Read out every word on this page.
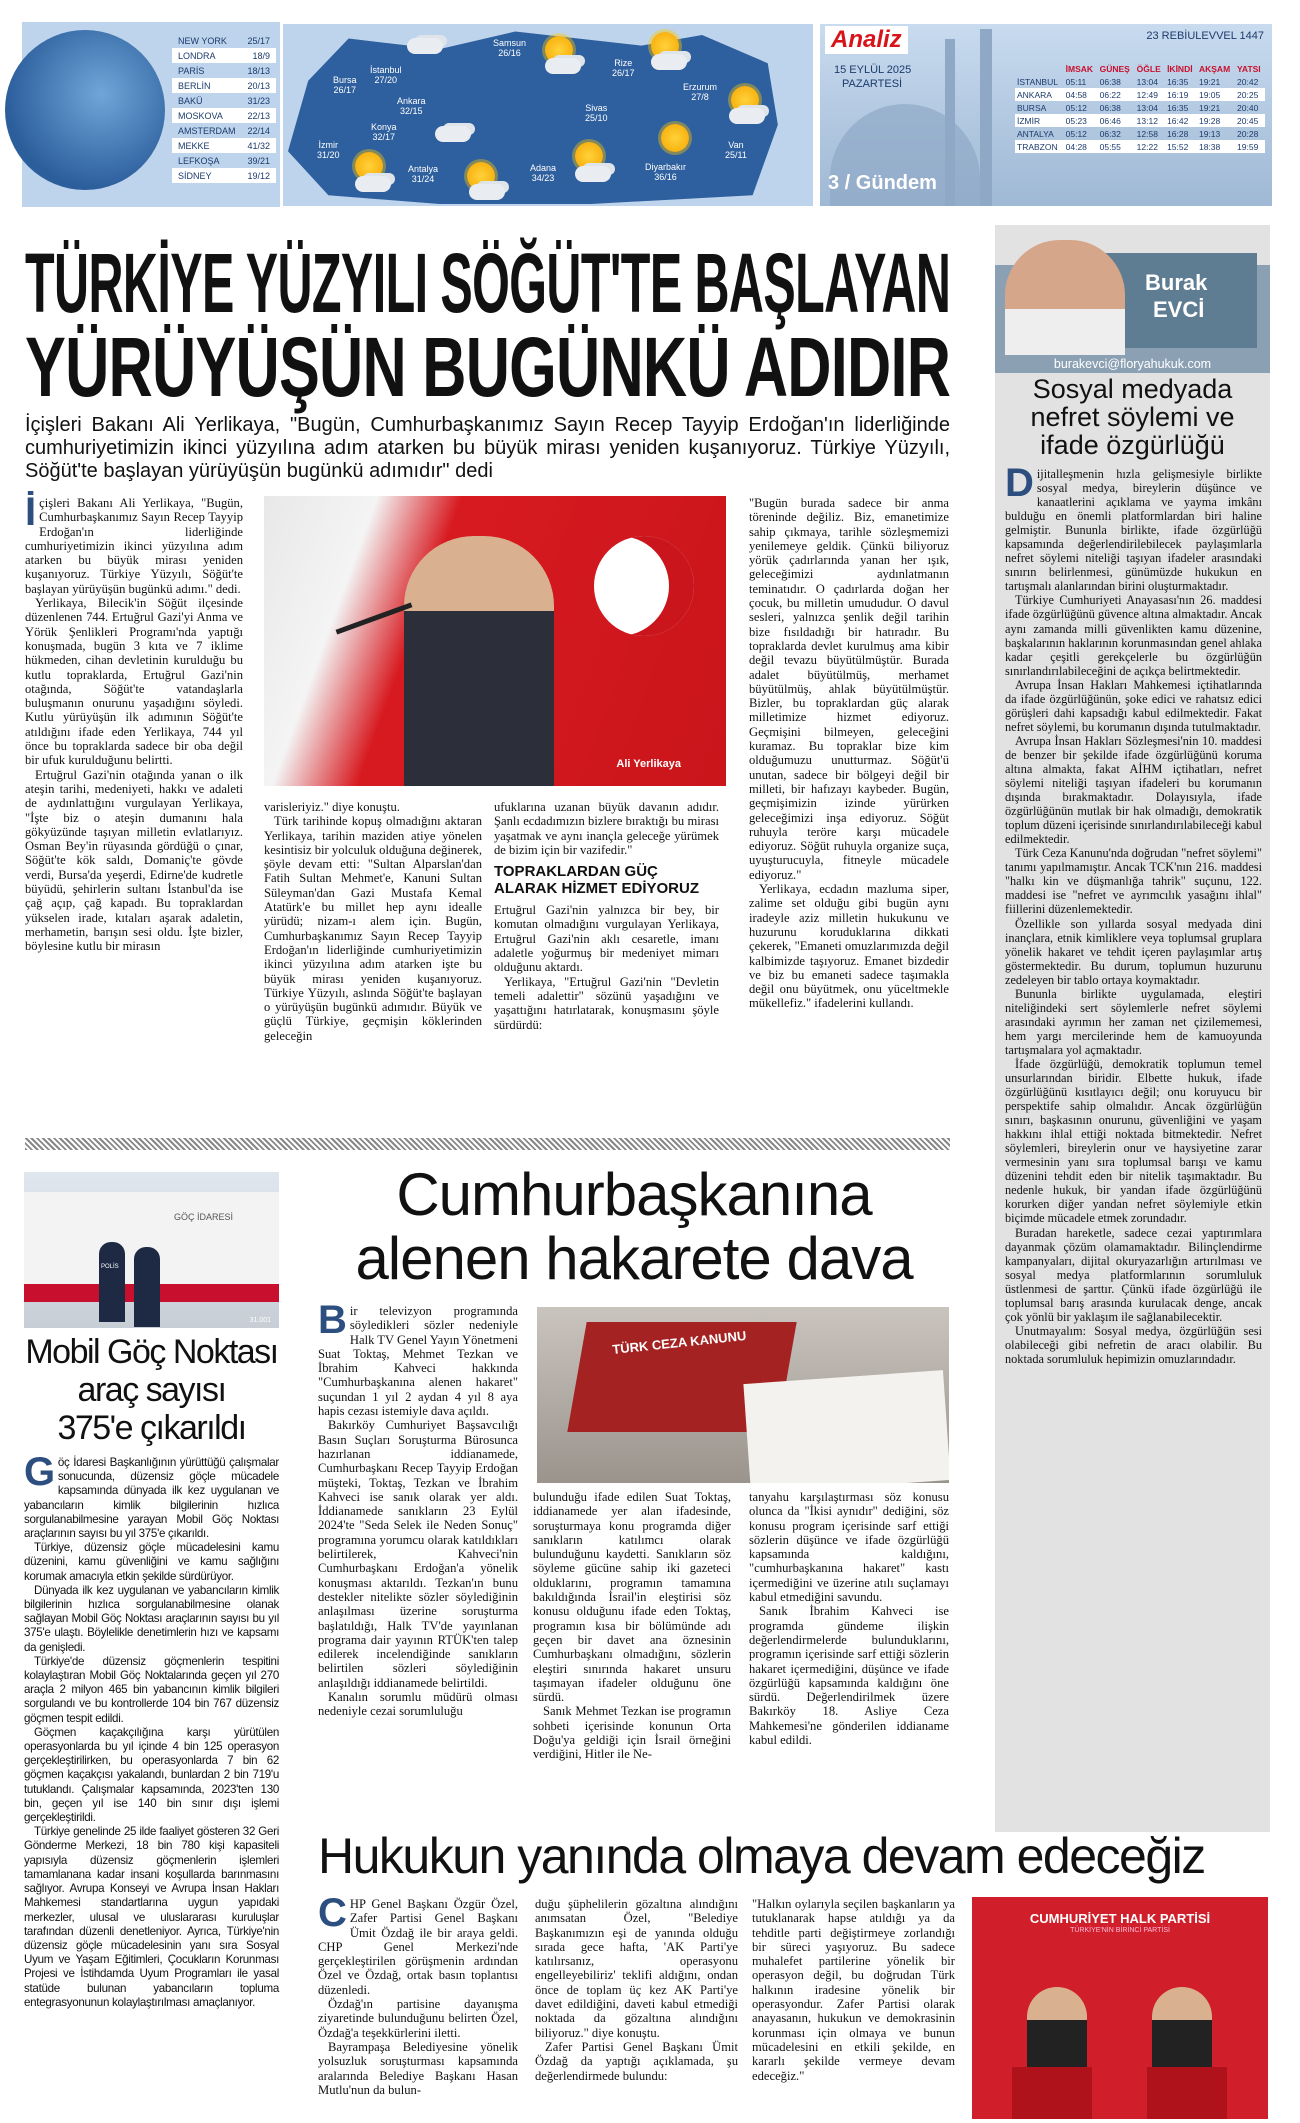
NEW YORK 25/17
LONDRA	18/9
PARİS	18/13
BERLİN	20/13
BAKÜ	31/23
MOSKOVA	22/13
AMSTERDAM 22/14
MEKKE	41/32
LEFKOŞA	39/21
SİDNEY	19/12
Bursa
26/17
İstanbul
27/20
Samsun
26/16
Rize
26/17
Erzurum
27/8
Ankara
32/15
Konya
32/17
Sivas
25/10
İzmir
31/20
Antalya
31/24
Adana
34/23
Diyarbakır
36/16
Van
25/11
Analiz
15 EYLÜL 2025
PAZARTESİ
3 / Gündem
23 REBİULEVVEL 1447
	İMSAK	GÜNEŞ	ÖĞLE	İKİNDİ	AKŞAM	YATSI
İSTANBUL	05:11	06:38	13:04	16:35	19:21	20:42
ANKARA	04:58	06:22	12:49	16:19	19:05	20:25
BURSA	05:12	06:38	13:04	16:35	19:21	20:40
İZMİR	05:23	06:46	13:12	16:42	19:28	20:45
ANTALYA	05:12	06:32	12:58	16:28	19:13	20:28
TRABZON	04:28	05:55	12:22	15:52	18:38	19:59
TÜRKİYE YÜZYILI SÖĞÜT'TE BAŞLAYAN
YÜRÜYÜŞÜN BUGÜNKÜ ADIDIR
İçişleri Bakanı Ali Yerlikaya, "Bugün, Cumhurbaşkanımız Sayın Recep Tayyip Erdoğan'ın liderliğinde cumhuriyetimizin ikinci yüzyılına adım atarken bu büyük mirası yeniden kuşanıyoruz. Türkiye Yüzyılı, Söğüt'te başlayan yürüyüşün bugünkü adımıdır" dedi

İçişleri Bakanı Ali Yerlikaya, "Bugün, Cumhurbaşkanımız Sayın Recep Tayyip Erdoğan'ın liderliğinde cumhuriyetimizin ikinci yüzyılına adım atarken bu büyük mirası yeniden kuşanıyoruz. Türkiye Yüzyılı, Söğüt'te başlayan yürüyüşün bugünkü adımı." dedi.

Yerlikaya, Bilecik'in Söğüt ilçesinde düzenlenen 744. Ertuğrul Gazi'yi Anma ve Yörük Şenlikleri Programı'nda yaptığı konuşmada, bugün 3 kıta ve 7 iklime hükmeden, cihan devletinin kurulduğu bu kutlu topraklarda, Ertuğrul Gazi'nin otağında, Söğüt'te vatandaşlarla buluşmanın onurunu yaşadığını söyledi. Kutlu yürüyüşün ilk adımının Söğüt'te atıldığını ifade eden Yerlikaya, 744 yıl önce bu topraklarda sadece bir oba değil bir ufuk kurulduğunu belirtti.

Ertuğrul Gazi'nin otağında yanan o ilk ateşin tarihi, medeniyeti, hakkı ve adaleti de aydınlattığını vurgulayan Yerlikaya, "İşte biz o ateşin dumanını hala gökyüzünde taşıyan milletin evlatlarıyız. Osman Bey'in rüyasında gördüğü o çınar, Söğüt'te kök saldı, Domaniç'te gövde verdi, Bursa'da yeşerdi, Edirne'de kudretle büyüdü, şehirlerin sultanı İstanbul'da ise çağ açıp, çağ kapadı. Bu topraklardan yükselen irade, kıtaları aşarak adaletin, merhametin, barışın sesi oldu. İşte bizler, böylesine kutlu bir mirasın

Ali Yerlikaya

varisleriyiz." diye konuştu.

Türk tarihinde kopuş olmadığını aktaran Yerlikaya, tarihin maziden atiye yönelen kesintisiz bir yolculuk olduğuna değinerek, şöyle devam etti: "Sultan Alparslan'dan Fatih Sultan Mehmet'e, Kanuni Sultan Süleyman'dan Gazi Mustafa Kemal Atatürk'e bu millet hep aynı idealle yürüdü; nizam-ı alem için. Bugün, Cumhurbaşkanımız Sayın Recep Tayyip Erdoğan'ın liderliğinde cumhuriyetimizin ikinci yüzyılına adım atarken işte bu büyük mirası yeniden kuşanıyoruz. Türkiye Yüzyılı, aslında Söğüt'te başlayan o yürüyüşün bugünkü adımıdır. Büyük ve güçlü Türkiye, geçmişin köklerinden geleceğin

ufuklarına uzanan büyük davanın adıdır. Şanlı ecdadımızın bizlere bıraktığı bu mirası yaşatmak ve aynı inançla geleceğe yürümek de bizim için bir vazifedir."

TOPRAKLARDAN GÜÇ ALARAK HİZMET EDİYORUZ

Ertuğrul Gazi'nin yalnızca bir bey, bir komutan olmadığını vurgulayan Yerlikaya, Ertuğrul Gazi'nin aklı cesaretle, imanı adaletle yoğurmuş bir medeniyet mimarı olduğunu aktardı.

Yerlikaya, "Ertuğrul Gazi'nin "Devletin temeli adalettir" sözünü yaşadığını ve yaşattığını hatırlatarak, konuşmasını şöyle sürdürdü:

"Bugün burada sadece bir anma töreninde değiliz. Biz, emanetimize sahip çıkmaya, tarihle sözleşmemizi yenilemeye geldik. Çünkü biliyoruz yörük çadırlarında yanan her ışık, geleceğimizi aydınlatmanın teminatıdır. O çadırlarda doğan her çocuk, bu milletin umududur. O davul sesleri, yalnızca şenlik değil tarihin bize fısıldadığı bir hatıradır. Bu topraklarda devlet kurulmuş ama kibir değil tevazu büyütülmüştür. Burada adalet büyütülmüş, merhamet büyütülmüş, ahlak büyütülmüştür. Bizler, bu topraklardan güç alarak milletimize hizmet ediyoruz. Geçmişini bilmeyen, geleceğini kuramaz. Bu topraklar bize kim olduğumuzu unutturmaz. Söğüt'ü unutan, sadece bir bölgeyi değil bir milleti, bir hafızayı kaybeder. Bugün, geçmişimizin izinde yürürken geleceğimizi inşa ediyoruz. Söğüt ruhuyla teröre karşı mücadele ediyoruz. Söğüt ruhuyla organize suça, uyuşturucuyla, fitneyle mücadele ediyoruz."

Yerlikaya, ecdadın mazluma siper, zalime set olduğu gibi bugün aynı iradeyle aziz milletin hukukunu ve huzurunu koruduklarına dikkati çekerek, "Emaneti omuzlarımızda değil kalbimizde taşıyoruz. Emanet bizdedir ve biz bu emaneti sadece taşımakla değil onu büyütmek, onu yüceltmekle mükellefiz." ifadelerini kullandı.

Burak
EVCİ
burakevci@floryahukuk.com
Sosyal medyada nefret söylemi ve ifade özgürlüğü

Dijitalleşmenin hızla gelişmesiyle birlikte sosyal medya, bireylerin düşünce ve kanaatlerini açıklama ve yayma imkânı bulduğu en önemli platformlardan biri haline gelmiştir. Bununla birlikte, ifade özgürlüğü kapsamında değerlendirilebilecek paylaşımlarla nefret söylemi niteliği taşıyan ifadeler arasındaki sınırın belirlenmesi, günümüzde hukukun en tartışmalı alanlarından birini oluşturmaktadır.

Türkiye Cumhuriyeti Anayasası'nın 26. maddesi ifade özgürlüğünü güvence altına almaktadır. Ancak aynı zamanda milli güvenlikten kamu düzenine, başkalarının haklarının korunmasından genel ahlaka kadar çeşitli gerekçelerle bu özgürlüğün sınırlandırılabileceğini de açıkça belirtmektedir.

Avrupa İnsan Hakları Mahkemesi içtihatlarında da ifade özgürlüğünün, şoke edici ve rahatsız edici görüşleri dahi kapsadığı kabul edilmektedir. Fakat nefret söylemi, bu korumanın dışında tutulmaktadır.

Avrupa İnsan Hakları Sözleşmesi'nin 10. maddesi de benzer bir şekilde ifade özgürlüğünü koruma altına almakta, fakat AİHM içtihatları, nefret söylemi niteliği taşıyan ifadeleri bu korumanın dışında bırakmaktadır. Dolayısıyla, ifade özgürlüğünün mutlak bir hak olmadığı, demokratik toplum düzeni içerisinde sınırlandırılabileceği kabul edilmektedir.

Türk Ceza Kanunu'nda doğrudan "nefret söylemi" tanımı yapılmamıştır. Ancak TCK'nın 216. maddesi "halkı kin ve düşmanlığa tahrik" suçunu, 122. maddesi ise "nefret ve ayrımcılık yasağını ihlal" fiillerini düzenlemektedir.

Özellikle son yıllarda sosyal medyada dini inançlara, etnik kimliklere veya toplumsal gruplara yönelik hakaret ve tehdit içeren paylaşımlar artış göstermektedir. Bu durum, toplumun huzurunu zedeleyen bir tablo ortaya koymaktadır.

Bununla birlikte uygulamada, eleştiri niteliğindeki sert söylemlerle nefret söylemi arasındaki ayrımın her zaman net çizilememesi, hem yargı mercilerinde hem de kamuoyunda tartışmalara yol açmaktadır.

İfade özgürlüğü, demokratik toplumun temel unsurlarından biridir. Elbette hukuk, ifade özgürlüğünü kısıtlayıcı değil; onu koruyucu bir perspektife sahip olmalıdır. Ancak özgürlüğün sınırı, başkasının onurunu, güvenliğini ve yaşam hakkını ihlal ettiği noktada bitmektedir. Nefret söylemleri, bireylerin onur ve haysiyetine zarar vermesinin yanı sıra toplumsal barışı ve kamu düzenini tehdit eden bir nitelik taşımaktadır. Bu nedenle hukuk, bir yandan ifade özgürlüğünü korurken diğer yandan nefret söylemiyle etkin biçimde mücadele etmek zorundadır.

Buradan hareketle, sadece cezai yaptırımlara dayanmak çözüm olamamaktadır. Bilinçlendirme kampanyaları, dijital okuryazarlığın artırılması ve sosyal medya platformlarının sorumluluk üstlenmesi de şarttır. Çünkü ifade özgürlüğü ile toplumsal barış arasında kurulacak denge, ancak çok yönlü bir yaklaşım ile sağlanabilecektir.

Unutmayalım: Sosyal medya, özgürlüğün sesi olabileceği gibi nefretin de aracı olabilir. Bu noktada sorumluluk hepimizin omuzlarındadır.

GÖÇ İDARESİ
POLİS
31.001
Mobil Göç Noktası
araç sayısı
375'e çıkarıldı

Göç İdaresi Başkanlığının yürüttüğü çalışmalar sonucunda, düzensiz göçle mücadele kapsamında dünyada ilk kez uygulanan ve yabancıların kimlik bilgilerinin hızlıca sorgulanabilmesine yarayan Mobil Göç Noktası araçlarının sayısı bu yıl 375'e çıkarıldı.

Türkiye, düzensiz göçle mücadelesini kamu düzenini, kamu güvenliğini ve kamu sağlığını korumak amacıyla etkin şekilde sürdürüyor.

Dünyada ilk kez uygulanan ve yabancıların kimlik bilgilerinin hızlıca sorgulanabilmesine olanak sağlayan Mobil Göç Noktası araçlarının sayısı bu yıl 375'e ulaştı. Böylelikle denetimlerin hızı ve kapsamı da genişledi.

Türkiye'de düzensiz göçmenlerin tespitini kolaylaştıran Mobil Göç Noktalarında geçen yıl 270 araçla 2 milyon 465 bin yabancının kimlik bilgileri sorgulandı ve bu kontrollerde 104 bin 767 düzensiz göçmen tespit edildi.

Göçmen kaçakçılığına karşı yürütülen operasyonlarda bu yıl içinde 4 bin 125 operasyon gerçekleştirilirken, bu operasyonlarda 7 bin 62 göçmen kaçakçısı yakalandı, bunlardan 2 bin 719'u tutuklandı. Çalışmalar kapsamında, 2023'ten 130 bin, geçen yıl ise 140 bin sınır dışı işlemi gerçekleştirildi.

Türkiye genelinde 25 ilde faaliyet gösteren 32 Geri Gönderme Merkezi, 18 bin 780 kişi kapasiteli yapısıyla düzensiz göçmenlerin işlemleri tamamlanana kadar insani koşullarda barınmasını sağlıyor. Avrupa Konseyi ve Avrupa İnsan Hakları Mahkemesi standartlarına uygun yapıdaki merkezler, ulusal ve uluslararası kuruluşlar tarafından düzenli denetleniyor. Ayrıca, Türkiye'nin düzensiz göçle mücadelesinin yanı sıra Sosyal Uyum ve Yaşam Eğitimleri, Çocukların Korunması Projesi ve İstihdamda Uyum Programları ile yasal statüde bulunan yabancıların topluma entegrasyonunun kolaylaştırılması amaçlanıyor.

Cumhurbaşkanına
alenen hakarete dava

Bir televizyon programında söyledikleri sözler nedeniyle Halk TV Genel Yayın Yönetmeni Suat Toktaş, Mehmet Tezkan ve İbrahim Kahveci hakkında "Cumhurbaşkanına alenen hakaret" suçundan 1 yıl 2 aydan 4 yıl 8 aya hapis cezası istemiyle dava açıldı.

Bakırköy Cumhuriyet Başsavcılığı Basın Suçları Soruşturma Bürosunca hazırlanan iddianamede, Cumhurbaşkanı Recep Tayyip Erdoğan müşteki, Toktaş, Tezkan ve İbrahim Kahveci ise sanık olarak yer aldı. İddianamede sanıkların 23 Eylül 2024'te "Seda Selek ile Neden Sonuç" programına yorumcu olarak katıldıkları belirtilerek, Kahveci'nin Cumhurbaşkanı Erdoğan'a yönelik konuşması aktarıldı. Tezkan'ın bunu destekler nitelikte sözler söylediğinin anlaşılması üzerine soruşturma başlatıldığı, Halk TV'de yayınlanan programa dair yayının RTÜK'ten talep edilerek incelendiğinde sanıkların belirtilen sözleri söylediğinin anlaşıldığı iddianamede belirtildi.

Kanalın sorumlu müdürü olması nedeniyle cezai sorumluluğu

TÜRK CEZA KANUNU

bulunduğu ifade edilen Suat Toktaş, iddianamede yer alan ifadesinde, soruşturmaya konu programda diğer sanıkların katılımcı olarak bulunduğunu kaydetti. Sanıkların söz söyleme gücüne sahip iki gazeteci olduklarını, programın tamamına bakıldığında İsrail'in eleştirisi söz konusu olduğunu ifade eden Toktaş, programın kısa bir bölümünde adı geçen bir davet ana öznesinin Cumhurbaşkanı olmadığını, sözlerin eleştiri sınırında hakaret unsuru taşımayan ifadeler olduğunu öne sürdü.

Sanık Mehmet Tezkan ise programın sohbeti içerisinde konunun Orta Doğu'ya geldiği için İsrail örneğini verdiğini, Hitler ile Ne-

tanyahu karşılaştırması söz konusu olunca da "İkisi aynıdır" dediğini, söz konusu program içerisinde sarf ettiği sözlerin düşünce ve ifade özgürlüğü kapsamında kaldığını, "cumhurbaşkanına hakaret" kastı içermediğini ve üzerine atılı suçlamayı kabul etmediğini savundu.

Sanık İbrahim Kahveci ise programda gündeme ilişkin değerlendirmelerde bulunduklarını, programın içerisinde sarf ettiği sözlerin hakaret içermediğini, düşünce ve ifade özgürlüğü kapsamında kaldığını öne sürdü. Değerlendirilmek üzere Bakırköy 18. Asliye Ceza Mahkemesi'ne gönderilen iddianame kabul edildi.

Hukukun yanında olmaya devam edeceğiz

CHP Genel Başkanı Özgür Özel, Zafer Partisi Genel Başkanı Ümit Özdağ ile bir araya geldi. CHP Genel Merkezi'nde gerçekleştirilen görüşmenin ardından Özel ve Özdağ, ortak basın toplantısı düzenledi.

Özdağ'ın partisine dayanışma ziyaretinde bulunduğunu belirten Özel, Özdağ'a teşekkürlerini iletti.

Bayrampaşa Belediyesine yönelik yolsuzluk soruşturması kapsamında aralarında Belediye Başkanı Hasan Mutlu'nun da bulun-

duğu şüphelilerin gözaltına alındığını anımsatan Özel, "Belediye Başkanımızın eşi de yanında olduğu sırada gece hafta, 'AK Parti'ye katılırsanız, operasyonu engelleyebiliriz' teklifi aldığını, ondan önce de toplam üç kez AK Parti'ye davet edildiğini, daveti kabul etmediği noktada da gözaltına alındığını biliyoruz." diye konuştu.

Zafer Partisi Genel Başkanı Ümit Özdağ da yaptığı açıklamada, şu değerlendirmede bulundu:

"Halkın oylarıyla seçilen başkanların ya tutuklanarak hapse atıldığı ya da tehditle parti değiştirmeye zorlandığı bir süreci yaşıyoruz. Bu sadece muhalefet partilerine yönelik bir operasyon değil, bu doğrudan Türk halkının iradesine yönelik bir operasyondur. Zafer Partisi olarak anayasanın, hukukun ve demokrasinin korunması için olmaya ve bunun mücadelesini en etkili şekilde, en kararlı şekilde vermeye devam edeceğiz."

CUMHURİYET HALK PARTİSİ
TÜRKİYE'NİN BİRİNCİ PARTİSİ
